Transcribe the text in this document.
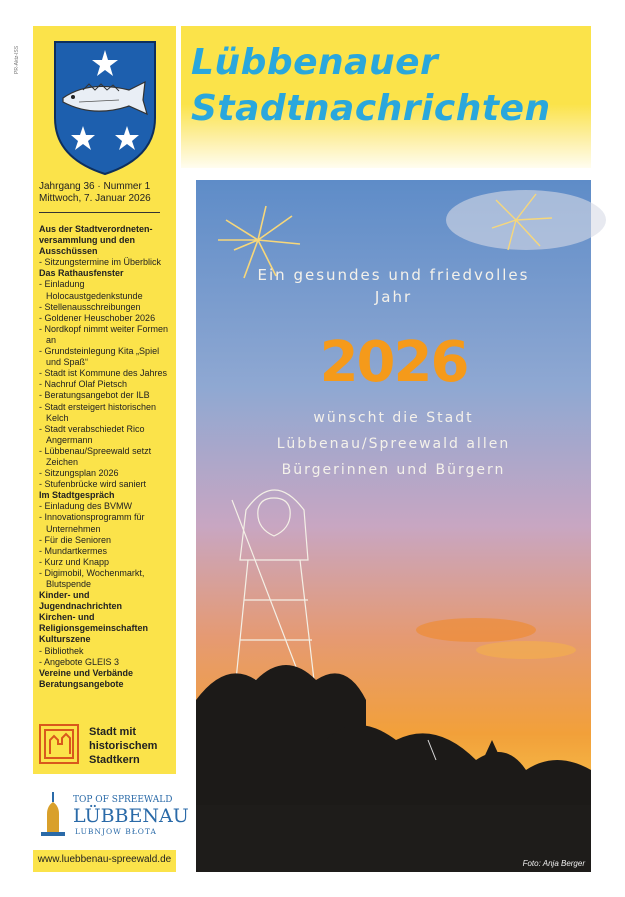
PR-Aktz-ISS
Jahrgang 36 · Nummer 1
Mittwoch, 7. Januar 2026
Aus der Stadtverordneten-versammlung und den Ausschüssen
- Sitzungstermine im Überblick
Das Rathausfenster
- Einladung Holocaustgedenkstunde
- Stellenausschreibungen
- Goldener Heuschober 2026
- Nordkopf nimmt weiter Formen an
- Grundsteinlegung Kita „Spiel und Spaß“
- Stadt ist Kommune des Jahres
- Nachruf Olaf Pietsch
- Beratungsangebot der ILB
- Stadt ersteigert historischen Kelch
- Stadt verabschiedet Rico Angermann
- Lübbenau/Spreewald setzt Zeichen
- Sitzungsplan 2026
- Stufenbrücke wird saniert
Im Stadtgespräch
- Einladung des BVMW
- Innovationsprogramm für Unternehmen
- Für die Senioren
- Mundartkermes
- Kurz und Knapp
- Digimobil, Wochenmarkt, Blutspende
Kinder- und Jugendnachrichten
Kirchen- und Religionsgemeinschaften
Kulturszene
- Bibliothek
- Angebote GLEIS 3
Vereine und Verbände
Beratungsangebote
Stadt mit
historischem
Stadtkern
TOP OF SPREEWALD
LÜBBENAU
LUBNJOW BŁOTA
www.luebbenau-spreewald.de
Lübbenauer
Stadtnachrichten
Ein gesundes und friedvolles
Jahr
2026
wünscht die Stadt
Lübbenau/Spreewald allen
Bürgerinnen und Bürgern
Foto: Anja Berger
